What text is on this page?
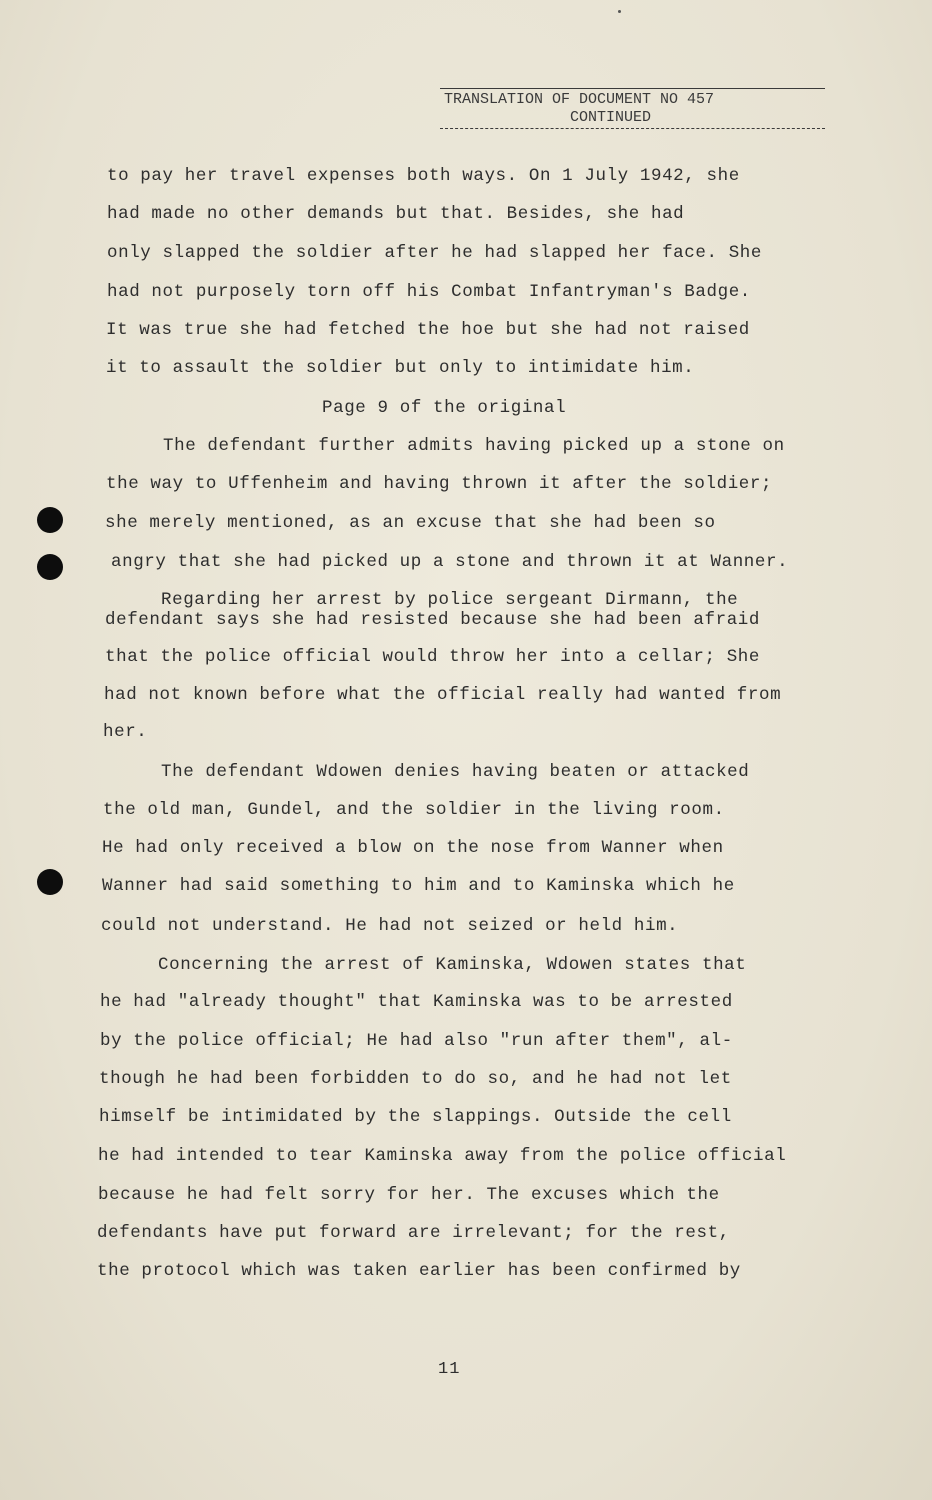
TRANSLATION OF DOCUMENT NO 457
CONTINUED
to pay her travel expenses both ways. On 1 July 1942, she
had made no other demands but that. Besides, she had
only slapped the soldier after he had slapped her face. She
had not purposely torn off his Combat Infantryman's Badge.
It was true she had fetched the hoe but she had not raised
it to assault the soldier but only to intimidate him.
Page 9 of the original
The defendant further admits having picked up a stone on
the way to Uffenheim and having thrown it after the soldier;
she merely mentioned, as an excuse that she had been so
angry that she had picked up a stone and thrown it at Wanner.
Regarding her arrest by police sergeant Dirmann, the
defendant says she had resisted because she had been afraid
that the police official would throw her into a cellar; She
had not known before what the official really had wanted from
her.
The defendant Wdowen denies having beaten or attacked
the old man, Gundel, and the soldier in the living room.
He had only received a blow on the nose from Wanner when
Wanner had said something to him and to Kaminska which he
could not understand. He had not seized or held him.
Concerning the arrest of Kaminska, Wdowen states that
he had "already thought" that Kaminska was to be arrested
by the police official; He had also "run after them", al-
though he had been forbidden to do so, and he had not let
himself be intimidated by the slappings. Outside the cell
he had intended to tear Kaminska away from the police official
because he had felt sorry for her. The excuses which the
defendants have put forward are irrelevant; for the rest,
the protocol which was taken earlier has been confirmed by
11
